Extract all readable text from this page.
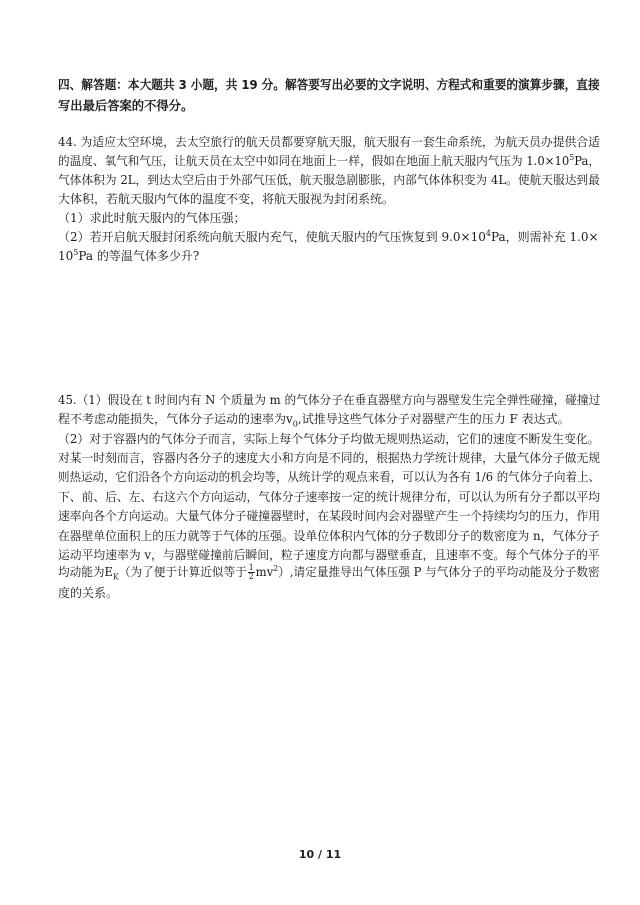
四、解答题：本大题共 3 小题，共 19 分。解答要写出必要的文字说明、方程式和重要的演算步骤，直接
写出最后答案的不得分。
44. 为适应太空环境，去太空旅行的航天员都要穿航天服，航天服有一套生命系统，为航天员办提供合适
的温度、氧气和气压，让航天员在太空中如同在地面上一样，假如在地面上航天服内气压为 $1.0\times 10^5Pa$，
气体体积为 2L，到达太空后由于外部气压低，航天服急剧膨胀，内部气体体积变为 4L。使航天服达到最
大体积，若航天服内气体的温度不变，将航天服视为封闭系统。
（1）求此时航天服内的气体压强；
（2）若开启航天服封闭系统向航天服内充气，使航天服内的气压恢复到 $9.0\times 10^4Pa$，则需补充 1.0×
$10^5Pa$ 的等温气体多少升?
45.（1）假设在 t 时间内有 N 个质量为 m 的气体分子在垂直器壁方向与器壁发生完全弹性碰撞，碰撞过
程不考虑动能损失，气体分子运动的速率为$v_0$,试推导这些气体分子对器壁产生的压力 F 表达式。
（2）对于容器内的气体分子而言，实际上每个气体分子均做无规则热运动，它们的速度不断发生变化。
对某一时刻而言，容器内各分子的速度大小和方向是不同的，根据热力学统计规律，大量气体分子做无规
则热运动，它们沿各个方向运动的机会均等，从统计学的观点来看，可以认为各有 1/6 的气体分子向着上、
下、前、后、左、右这六个方向运动，气体分子速率按一定的统计规律分布，可以认为所有分子都以平均
速率向各个方向运动。大量气体分子碰撞器壁时，在某段时间内会对器壁产生一个持续均匀的压力，作用
在器壁单位面积上的压力就等于气体的压强。设单位体积内气体的分子数即分子的数密度为 n，气体分子
运动平均速率为 v，与器壁碰撞前后瞬间，粒子速度方向都与器壁垂直，且速率不变。每个气体分子的平
均动能为$E_K$（为了便于计算近似等于 $\frac{1}{2} mv^2$）,请定量推导出气体压强 P 与气体分子的平均动能及分子数密
度的关系。
10 / 11
